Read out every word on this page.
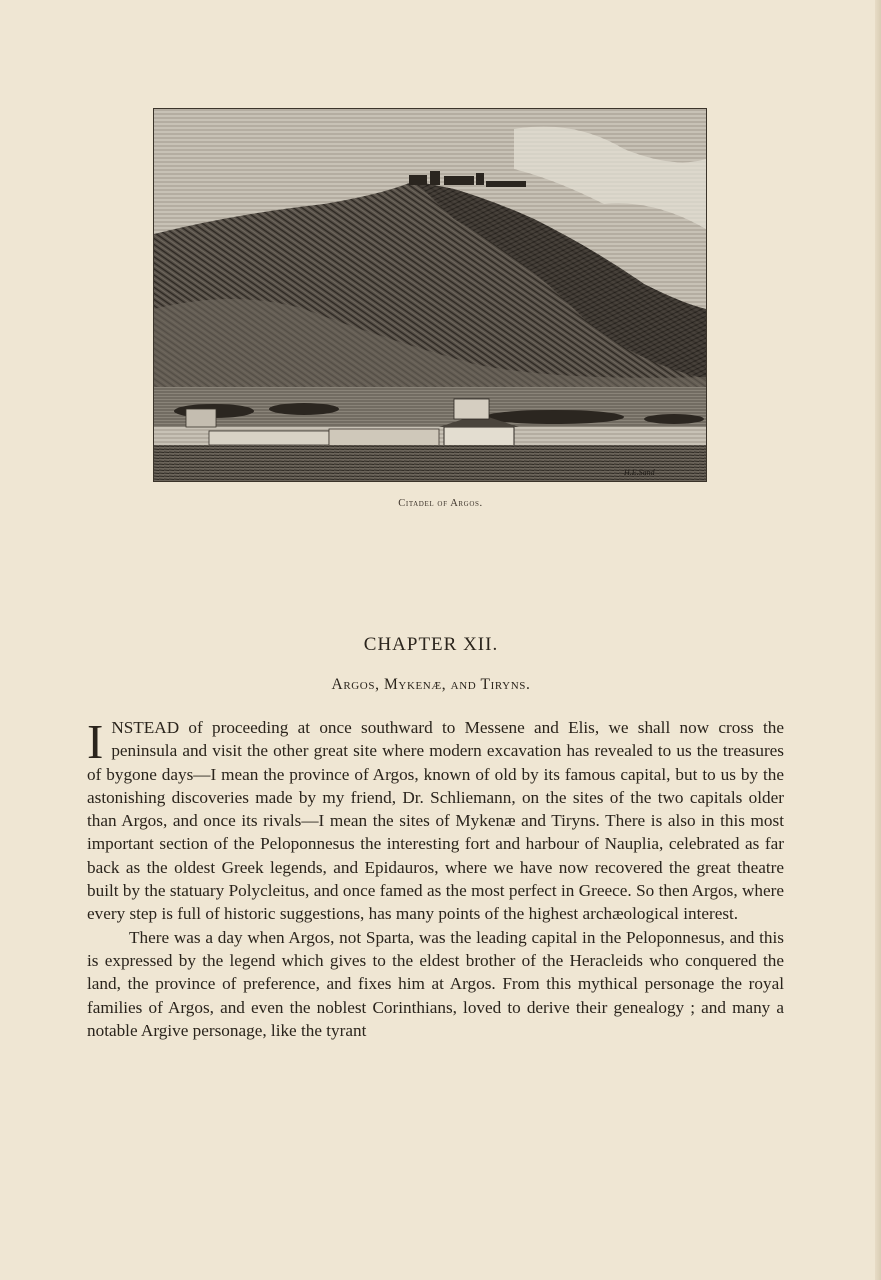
H.E.Sand
Citadel of Argos.
CHAPTER XII.
Argos, Mykenæ, and Tiryns.

INSTEAD of proceeding at once southward to Messene and Elis, we shall now cross the peninsula and visit the other great site where modern excavation has revealed to us the treasures of bygone days—I mean the province of Argos, known of old by its famous capital, but to us by the astonishing discoveries made by my friend, Dr. Schliemann, on the sites of the two capitals older than Argos, and once its rivals—I mean the sites of Mykenæ and Tiryns. There is also in this most important section of the Peloponnesus the interesting fort and harbour of Nauplia, celebrated as far back as the oldest Greek legends, and Epidauros, where we have now recovered the great theatre built by the statuary Polycleitus, and once famed as the most perfect in Greece. So then Argos, where every step is full of historic suggestions, has many points of the highest archæological interest.

There was a day when Argos, not Sparta, was the leading capital in the Peloponnesus, and this is expressed by the legend which gives to the eldest brother of the Heracleids who conquered the land, the province of preference, and fixes him at Argos. From this mythical personage the royal families of Argos, and even the noblest Corinthians, loved to derive their genealogy ; and many a notable Argive personage, like the tyrant
